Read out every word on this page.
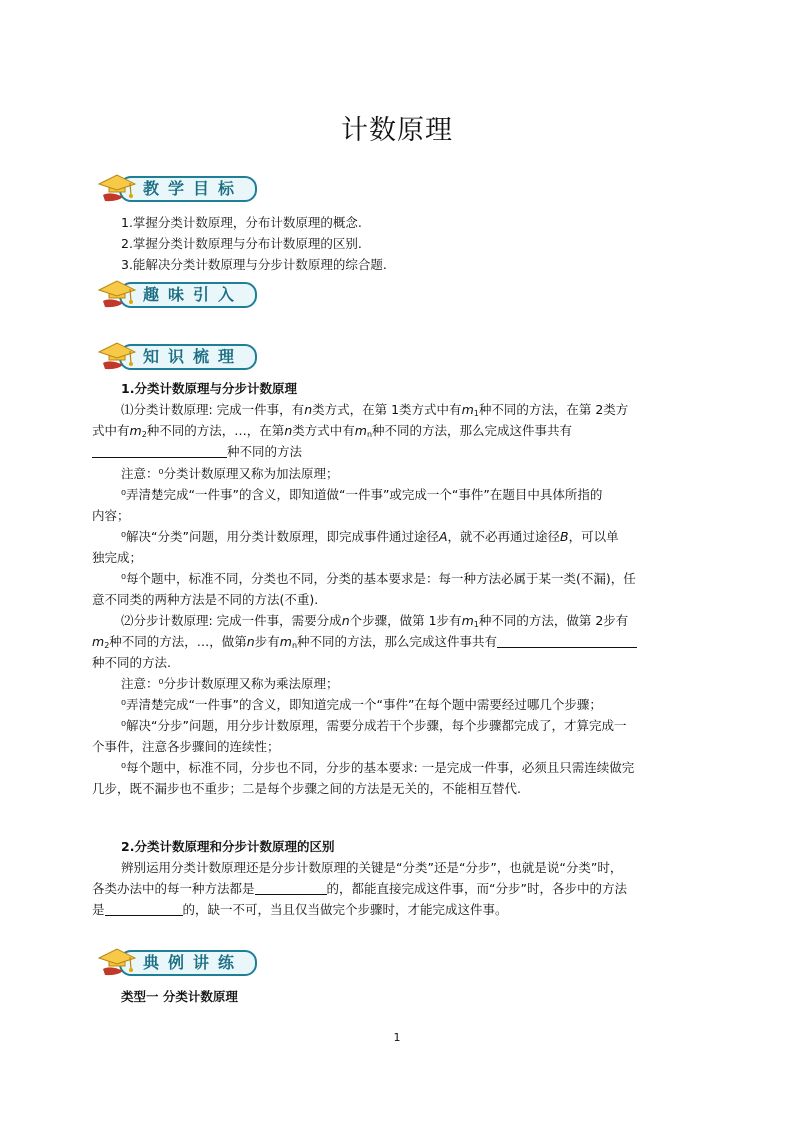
计数原理
教学目标

1.掌握分类计数原理，分布计数原理的概念.

2.掌握分类计数原理与分布计数原理的区别.

3.能解决分类计数原理与分步计数原理的综合题.

趣味引入
知识梳理

1.分类计数原理与分步计数原理

⑴分类计数原理: 完成一件事，有n类方式，在第 1类方式中有$m_1$种不同的方法，在第 2类方

式中有$m_2$种不同的方法，…，在第n类方式中有$m_n$种不同的方法，那么完成这件事共有

种不同的方法

注意：⁰分类计数原理又称为加法原理；

⁰弄清楚完成“一件事”的含义，即知道做“一件事”或完成一个“事件”在题目中具体所指的

内容；

⁰解决“分类”问题，用分类计数原理，即完成事件通过途径A，就不必再通过途径B，可以单

独完成；

⁰每个题中，标准不同，分类也不同，分类的基本要求是：每一种方法必属于某一类(不漏)，任

意不同类的两种方法是不同的方法(不重).

⑵分步计数原理: 完成一件事，需要分成n个步骤，做第 1步有$m_1$种不同的方法，做第 2步有

$m_2$种不同的方法，…，做第n步有$m_n$种不同的方法，那么完成这件事共有

种不同的方法.

注意：⁰分步计数原理又称为乘法原理；

⁰弄清楚完成“一件事”的含义，即知道完成一个“事件”在每个题中需要经过哪几个步骤；

⁰解决“分步”问题，用分步计数原理，需要分成若干个步骤，每个步骤都完成了，才算完成一

个事件，注意各步骤间的连续性；

⁰每个题中，标准不同，分步也不同，分步的基本要求: 一是完成一件事，必须且只需连续做完

几步，既不漏步也不重步；二是每个步骤之间的方法是无关的，不能相互替代.

2.分类计数原理和分步计数原理的区别

辨别运用分类计数原理还是分步计数原理的关键是“分类”还是“分步”，也就是说“分类”时，

各类办法中的每一种方法都是	的，都能直接完成这件事，而“分步”时，各步中的方法

是	的，缺一不可，当且仅当做完个步骤时，才能完成这件事。

典例讲练

类型一 分类计数原理

1
